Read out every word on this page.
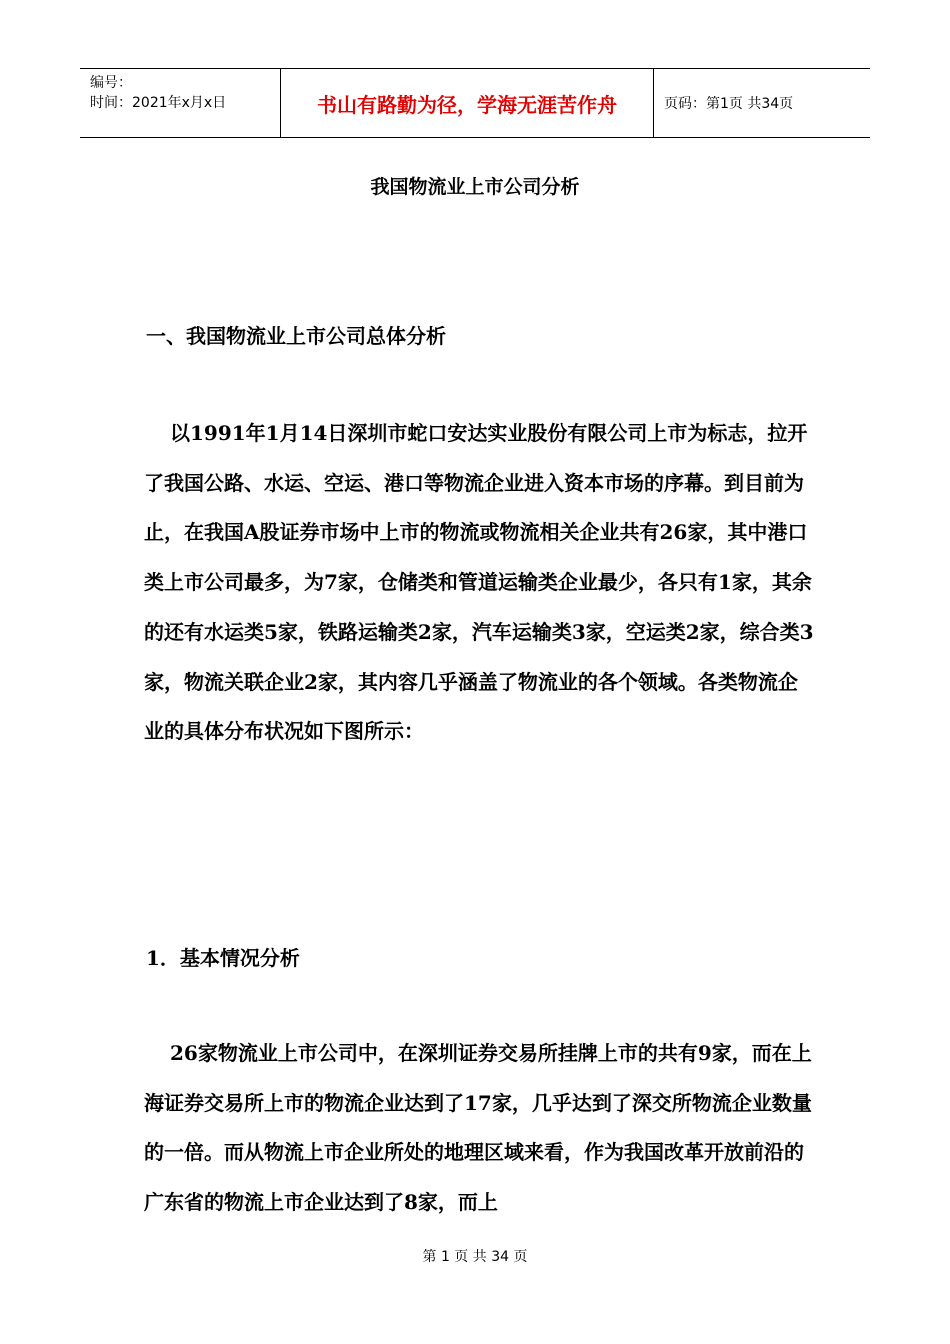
编号：
时间：2021年x月x日	书山有路勤为径，学海无涯苦作舟	页码：第1页 共34页
我国物流业上市公司分析
一、我国物流业上市公司总体分析

以1991年1月14日深圳市蛇口安达实业股份有限公司上市为标志，拉开了我国公路、水运、空运、港口等物流企业进入资本市场的序幕。到目前为止，在我国A股证券市场中上市的物流或物流相关企业共有26家，其中港口类上市公司最多，为7家，仓储类和管道运输类企业最少，各只有1家，其余的还有水运类5家，铁路运输类2家，汽车运输类3家，空运类2家，综合类3家，物流关联企业2家，其内容几乎涵盖了物流业的各个领域。各类物流企业的具体分布状况如下图所示：

1．基本情况分析

26家物流业上市公司中，在深圳证券交易所挂牌上市的共有9家，而在上海证券交易所上市的物流企业达到了17家，几乎达到了深交所物流企业数量的一倍。而从物流上市企业所处的地理区域来看，作为我国改革开放前沿的广东省的物流上市企业达到了8家，而上

第 1 页 共 34 页
